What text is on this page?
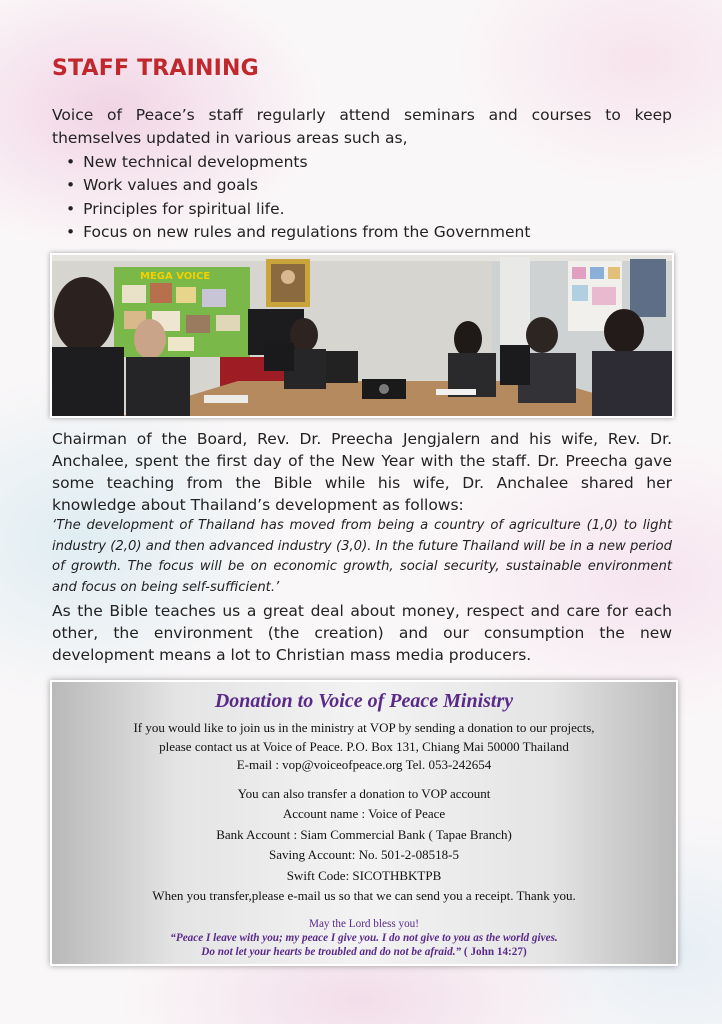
STAFF TRAINING

Voice of Peace’s staff regularly attend seminars and courses to keep themselves updated in various areas such as,

• New technical developments
• Work values and goals
• Principles for spiritual life.
• Focus on new rules and regulations from the Government
MEGA VOICE

Chairman of the Board, Rev. Dr. Preecha Jengjalern and his wife, Rev. Dr. Anchalee, spent the first day of the New Year with the staff. Dr. Preecha gave some teaching from the Bible while his wife, Dr. Anchalee shared her knowledge about Thailand’s development as follows:

‘The development of Thailand has moved from being a country of agriculture (1,0) to light industry (2,0) and then advanced industry (3,0). In the future Thailand will be in a new period of growth. The focus will be on economic growth, social security, sustainable environment and focus on being self-sufficient.’

As the Bible teaches us a great deal about money, respect and care for each other, the environment (the creation) and our consumption the new development means a lot to Christian mass media producers.

Donation to Voice of Peace Ministry

If you would like to join us in the ministry at VOP by sending a donation to our projects,

please contact us at Voice of Peace. P.O. Box 131, Chiang Mai 50000 Thailand

E-mail : vop@voiceofpeace.org Tel. 053-242654

You can also transfer a donation to VOP account

Account name : Voice of Peace

Bank Account : Siam Commercial Bank ( Tapae Branch)

Saving Account: No. 501-2-08518-5

Swift Code: SICOTHBKTPB

When you transfer,please e-mail us so that we can send you a receipt. Thank you.

May the Lord bless you!

“Peace I leave with you; my peace I give you. I do not give to you as the world gives.

Do not let your hearts be troubled and do not be afraid.” ( John 14:27)
